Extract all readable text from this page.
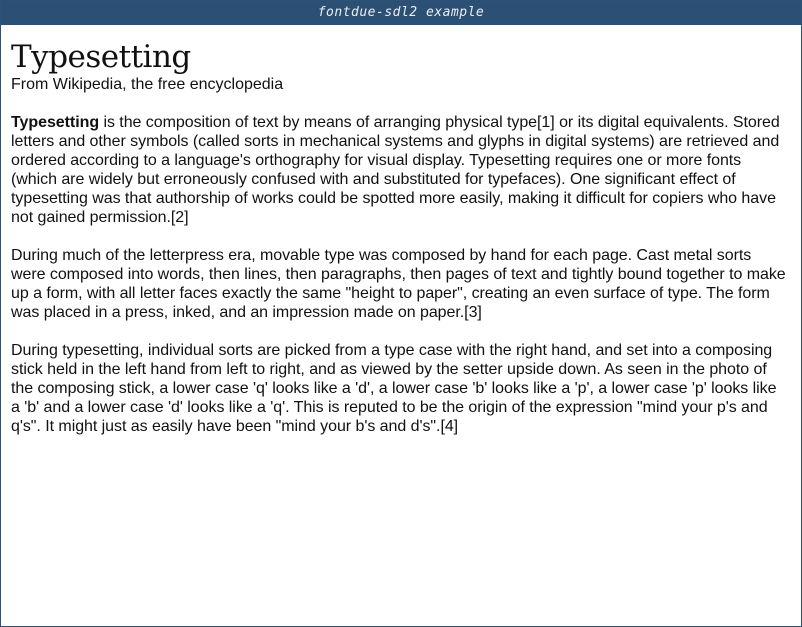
fontdue-sdl2 example
Typesetting
From Wikipedia, the free encyclopedia

Typesetting is the composition of text by means of arranging physical type[1] or its digital equivalents. Stored letters and other symbols (called sorts in mechanical systems and glyphs in digital systems) are retrieved and ordered according to a language's orthography for visual display. Typesetting requires one or more fonts (which are widely but erroneously confused with and substituted for typefaces). One significant effect of typesetting was that authorship of works could be spotted more easily, making it difficult for copiers who have not gained permission.[2]

During much of the letterpress era, movable type was composed by hand for each page. Cast metal sorts were composed into words, then lines, then paragraphs, then pages of text and tightly bound together to make up a form, with all letter faces exactly the same "height to paper", creating an even surface of type. The form was placed in a press, inked, and an impression made on paper.[3]

During typesetting, individual sorts are picked from a type case with the right hand, and set into a composing stick held in the left hand from left to right, and as viewed by the setter upside down. As seen in the photo of the composing stick, a lower case 'q' looks like a 'd', a lower case 'b' looks like a 'p', a lower case 'p' looks like a 'b' and a lower case 'd' looks like a 'q'. This is reputed to be the origin of the expression "mind your p's and q's". It might just as easily have been "mind your b's and d's".[4]
